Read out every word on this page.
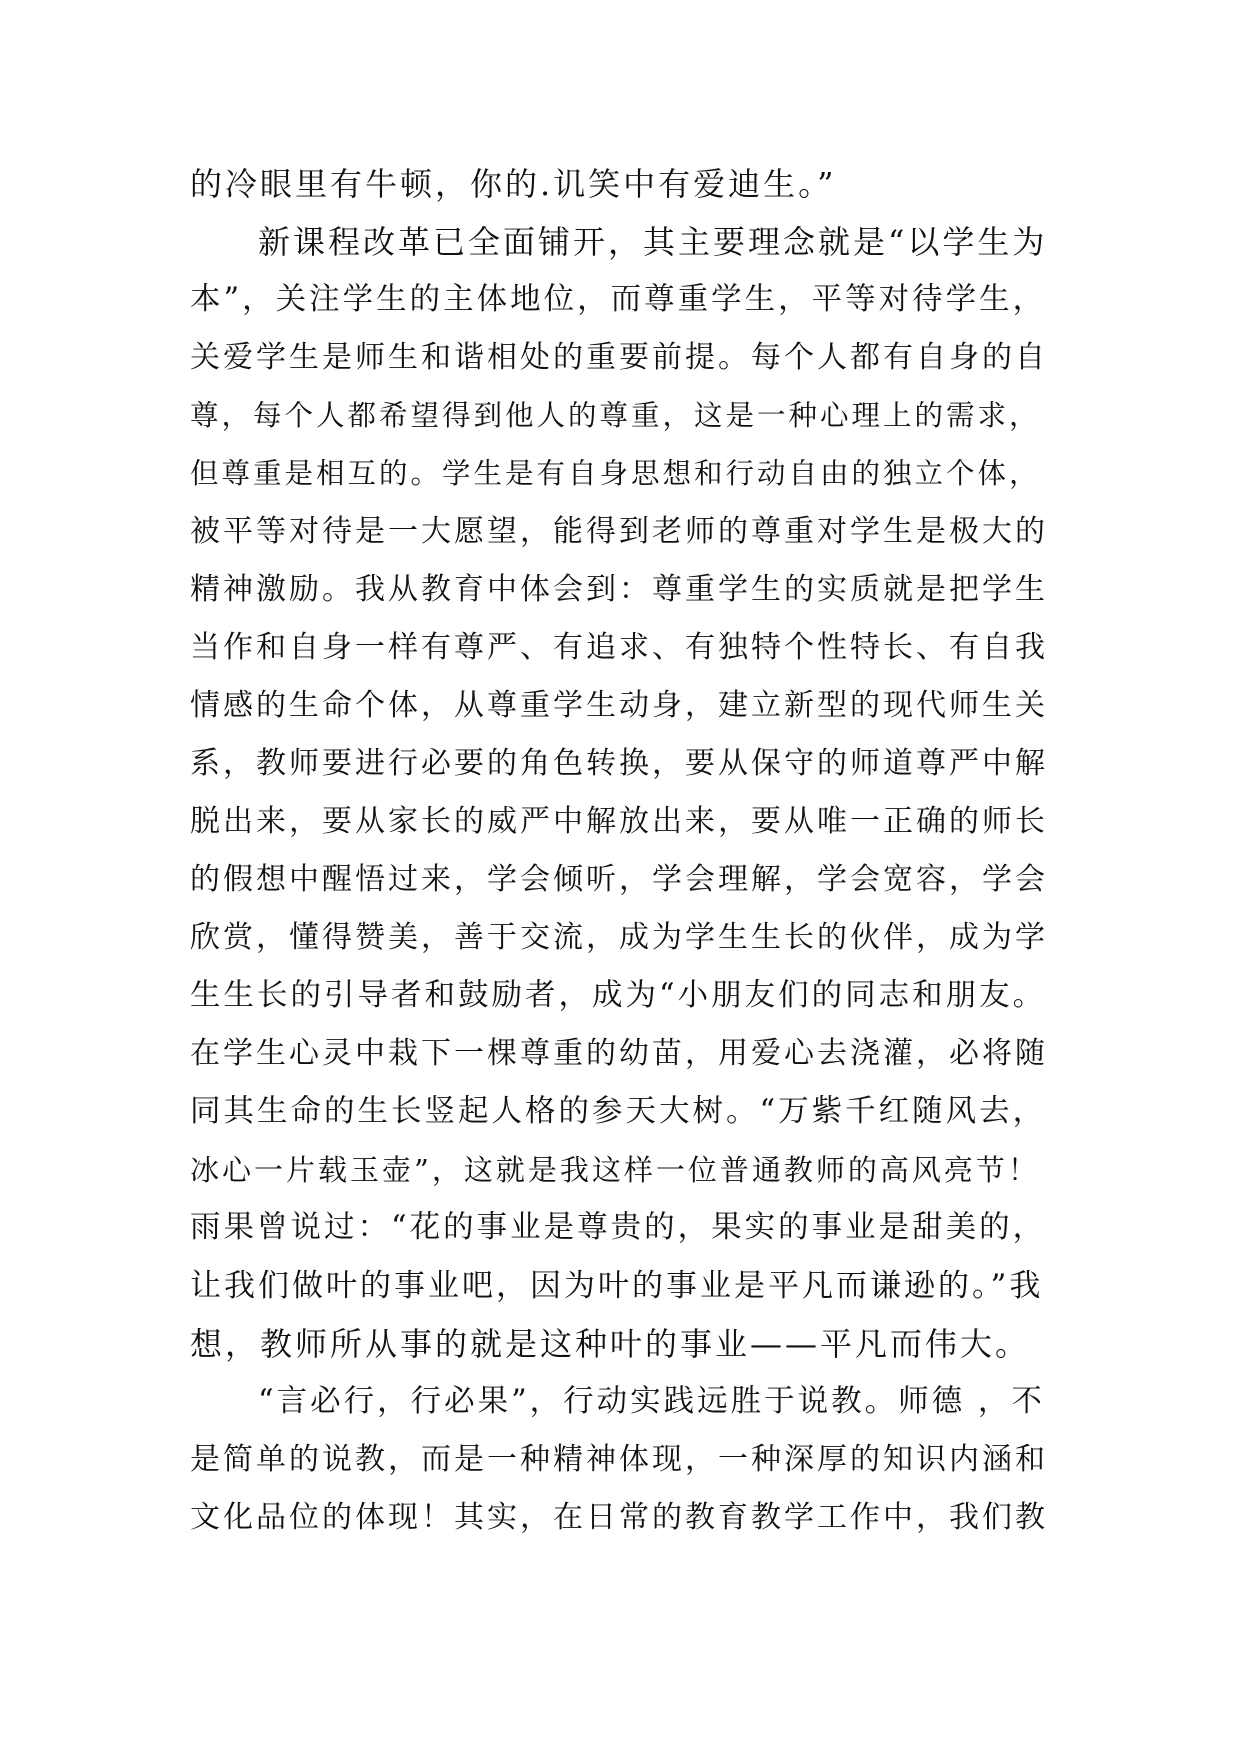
的冷眼里有牛顿，你的.讥笑中有爱迪生。”
新课程改革已全面铺开，其主要理念就是“以学生为
本”，关注学生的主体地位，而尊重学生，平等对待学生，
关爱学生是师生和谐相处的重要前提。每个人都有自身的自
尊，每个人都希望得到他人的尊重，这是一种心理上的需求，
但尊重是相互的。学生是有自身思想和行动自由的独立个体，
被平等对待是一大愿望，能得到老师的尊重对学生是极大的
精神激励。我从教育中体会到：尊重学生的实质就是把学生
当作和自身一样有尊严、有追求、有独特个性特长、有自我
情感的生命个体，从尊重学生动身，建立新型的现代师生关
系，教师要进行必要的角色转换，要从保守的师道尊严中解
脱出来，要从家长的威严中解放出来，要从唯一正确的师长
的假想中醒悟过来，学会倾听，学会理解，学会宽容，学会
欣赏，懂得赞美，善于交流，成为学生生长的伙伴，成为学
生生长的引导者和鼓励者，成为“小朋友们的同志和朋友。
在学生心灵中栽下一棵尊重的幼苗，用爱心去浇灌，必将随
同其生命的生长竖起人格的参天大树。“万紫千红随风去，
冰心一片载玉壶”，这就是我这样一位普通教师的高风亮节！
雨果曾说过：“花的事业是尊贵的，果实的事业是甜美的，
让我们做叶的事业吧，因为叶的事业是平凡而谦逊的。”我
想，教师所从事的就是这种叶的事业——平凡而伟大。
“言必行，行必果”，行动实践远胜于说教。师德 ，不
是简单的说教，而是一种精神体现，一种深厚的知识内涵和
文化品位的体现！其实，在日常的教育教学工作中，我们教
